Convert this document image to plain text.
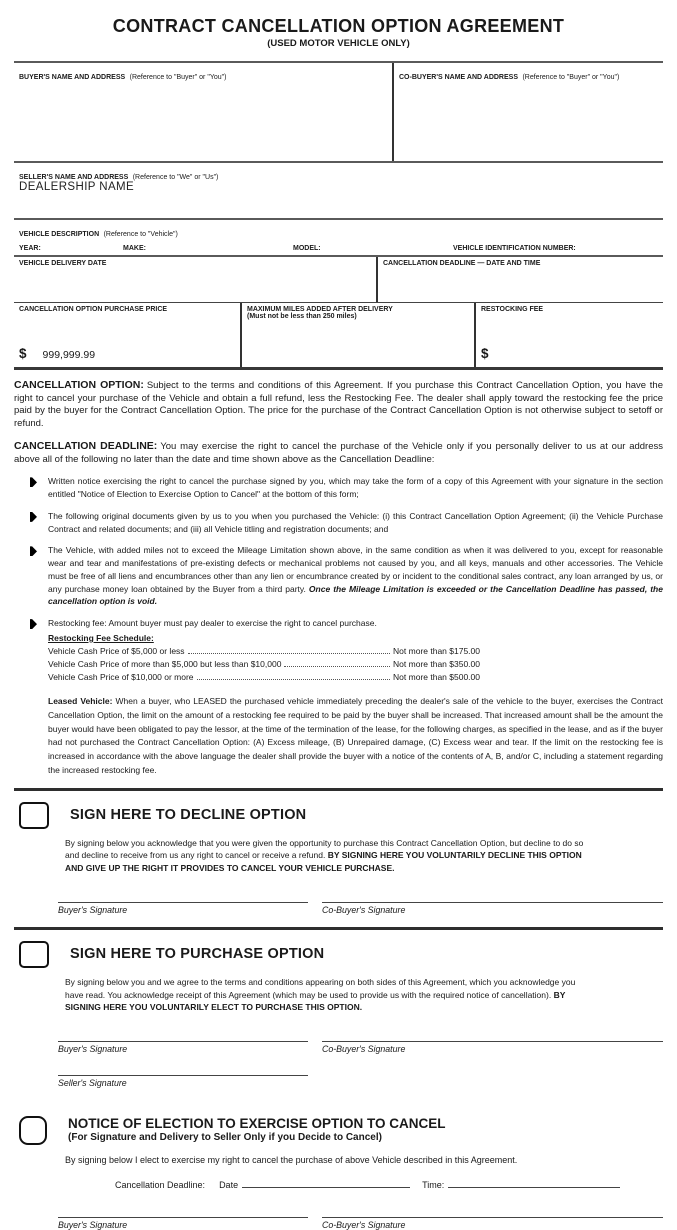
CONTRACT CANCELLATION OPTION AGREEMENT
(USED MOTOR VEHICLE ONLY)
BUYER'S NAME AND ADDRESS (Reference to "Buyer" or "You")	CO-BUYER'S NAME AND ADDRESS (Reference to "Buyer" or "You")
SELLER'S NAME AND ADDRESS (Reference to "We" or "Us")
DEALERSHIP NAME
VEHICLE DESCRIPTION (Reference to "Vehicle")
YEAR:	MAKE:	MODEL:	VEHICLE IDENTIFICATION NUMBER:
VEHICLE DELIVERY DATE	CANCELLATION DEADLINE — DATE AND TIME
CANCELLATION OPTION PURCHASE PRICE
$ 999,999.99
MAXIMUM MILES ADDED AFTER DELIVERY
(Must not be less than 250 miles)
RESTOCKING FEE
$
CANCELLATION OPTION: Subject to the terms and conditions of this Agreement. If you purchase this Contract Cancellation Option, you have the right to cancel your purchase of the Vehicle and obtain a full refund, less the Restocking Fee. The dealer shall apply toward the restocking fee the price paid by the buyer for the Contract Cancellation Option. The price for the purchase of the Contract Cancellation Option is not otherwise subject to setoff or refund.
CANCELLATION DEADLINE: You may exercise the right to cancel the purchase of the Vehicle only if you personally deliver to us at our address above all of the following no later than the date and time shown above as the Cancellation Deadline:
Written notice exercising the right to cancel the purchase signed by you, which may take the form of a copy of this Agreement with your signature in the section entitled "Notice of Election to Exercise Option to Cancel" at the bottom of this form;
The following original documents given by us to you when you purchased the Vehicle: (i) this Contract Cancellation Option Agreement; (ii) the Vehicle Purchase Contract and related documents; and (iii) all Vehicle titling and registration documents; and
The Vehicle, with added miles not to exceed the Mileage Limitation shown above, in the same condition as when it was delivered to you, except for reasonable wear and tear and manifestations of pre-existing defects or mechanical problems not caused by you, and all keys, manuals and other accessories. The Vehicle must be free of all liens and encumbrances other than any lien or encumbrance created by or incident to the conditional sales contract, any loan arranged by us, or any purchase money loan obtained by the Buyer from a third party. Once the Mileage Limitation is exceeded or the Cancellation Deadline has passed, the cancellation option is void.
Restocking fee: Amount buyer must pay dealer to exercise the right to cancel purchase.
Restocking Fee Schedule:
Vehicle Cash Price of $5,000 or less	Not more than $175.00
Vehicle Cash Price of more than $5,000 but less than $10,000	Not more than $350.00
Vehicle Cash Price of $10,000 or more	Not more than $500.00
Leased Vehicle: When a buyer, who LEASED the purchased vehicle immediately preceding the dealer's sale of the vehicle to the buyer, exercises the Contract Cancellation Option, the limit on the amount of a restocking fee required to be paid by the buyer shall be increased. That increased amount shall be the amount the buyer would have been obligated to pay the lessor, at the time of the termination of the lease, for the following charges, as specified in the lease, and as if the buyer had not purchased the Contract Cancellation Option: (A) Excess mileage, (B) Unrepaired damage, (C) Excess wear and tear. If the limit on the restocking fee is increased in accordance with the above language the dealer shall provide the buyer with a notice of the contents of A, B, and/or C, including a statement regarding the increased restocking fee.
SIGN HERE TO DECLINE OPTION
By signing below you acknowledge that you were given the opportunity to purchase this Contract Cancellation Option, but decline to do so and decline to receive from us any right to cancel or receive a refund. BY SIGNING HERE YOU VOLUNTARILY DECLINE THIS OPTION AND GIVE UP THE RIGHT IT PROVIDES TO CANCEL YOUR VEHICLE PURCHASE.
Buyer's Signature	Co-Buyer's Signature
SIGN HERE TO PURCHASE OPTION
By signing below you and we agree to the terms and conditions appearing on both sides of this Agreement, which you acknowledge you have read. You acknowledge receipt of this Agreement (which may be used to provide us with the required notice of cancellation). BY SIGNING HERE YOU VOLUNTARILY ELECT TO PURCHASE THIS OPTION.
Buyer's Signature	Co-Buyer's Signature
Seller's Signature
NOTICE OF ELECTION TO EXERCISE OPTION TO CANCEL
(For Signature and Delivery to Seller Only if you Decide to Cancel)
By signing below I elect to exercise my right to cancel the purchase of above Vehicle described in this Agreement.
Cancellation Deadline: Date	Time:
Buyer's Signature	Co-Buyer's Signature
